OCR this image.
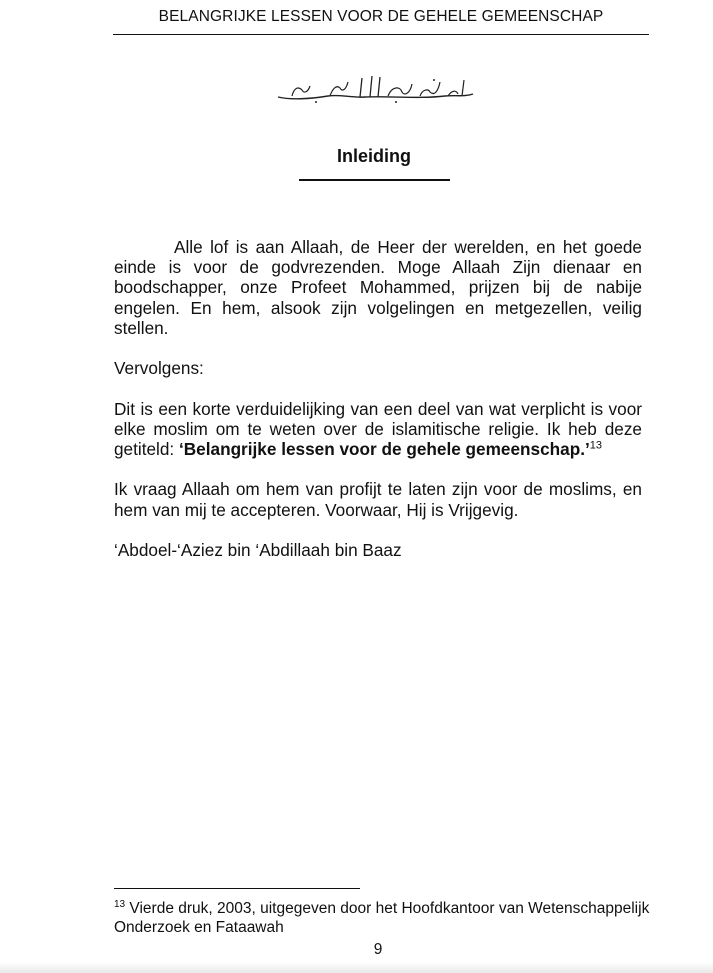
BELANGRIJKE LESSEN VOOR DE GEHELE GEMEENSCHAP
Inleiding

Alle lof is aan Allaah, de Heer der werelden, en het goede einde is voor de godvrezenden. Moge Allaah Zijn dienaar en boodschapper, onze Profeet Mohammed, prijzen bij de nabije engelen. En hem, alsook zijn volgelingen en metgezellen, veilig stellen.

Vervolgens:

Dit is een korte verduidelijking van een deel van wat verplicht is voor elke moslim om te weten over de islamitische religie. Ik heb deze getiteld: ‘Belangrijke lessen voor de gehele gemeenschap.’$^{13}$

Ik vraag Allaah om hem van profijt te laten zijn voor de moslims, en hem van mij te accepteren. Voorwaar, Hij is Vrijgevig.

‘Abdoel-‘Aziez bin ‘Abdillaah bin Baaz

$^{13}$ Vierde druk, 2003, uitgegeven door het Hoofdkantoor van Wetenschappelijk Onderzoek en Fataawah
9
